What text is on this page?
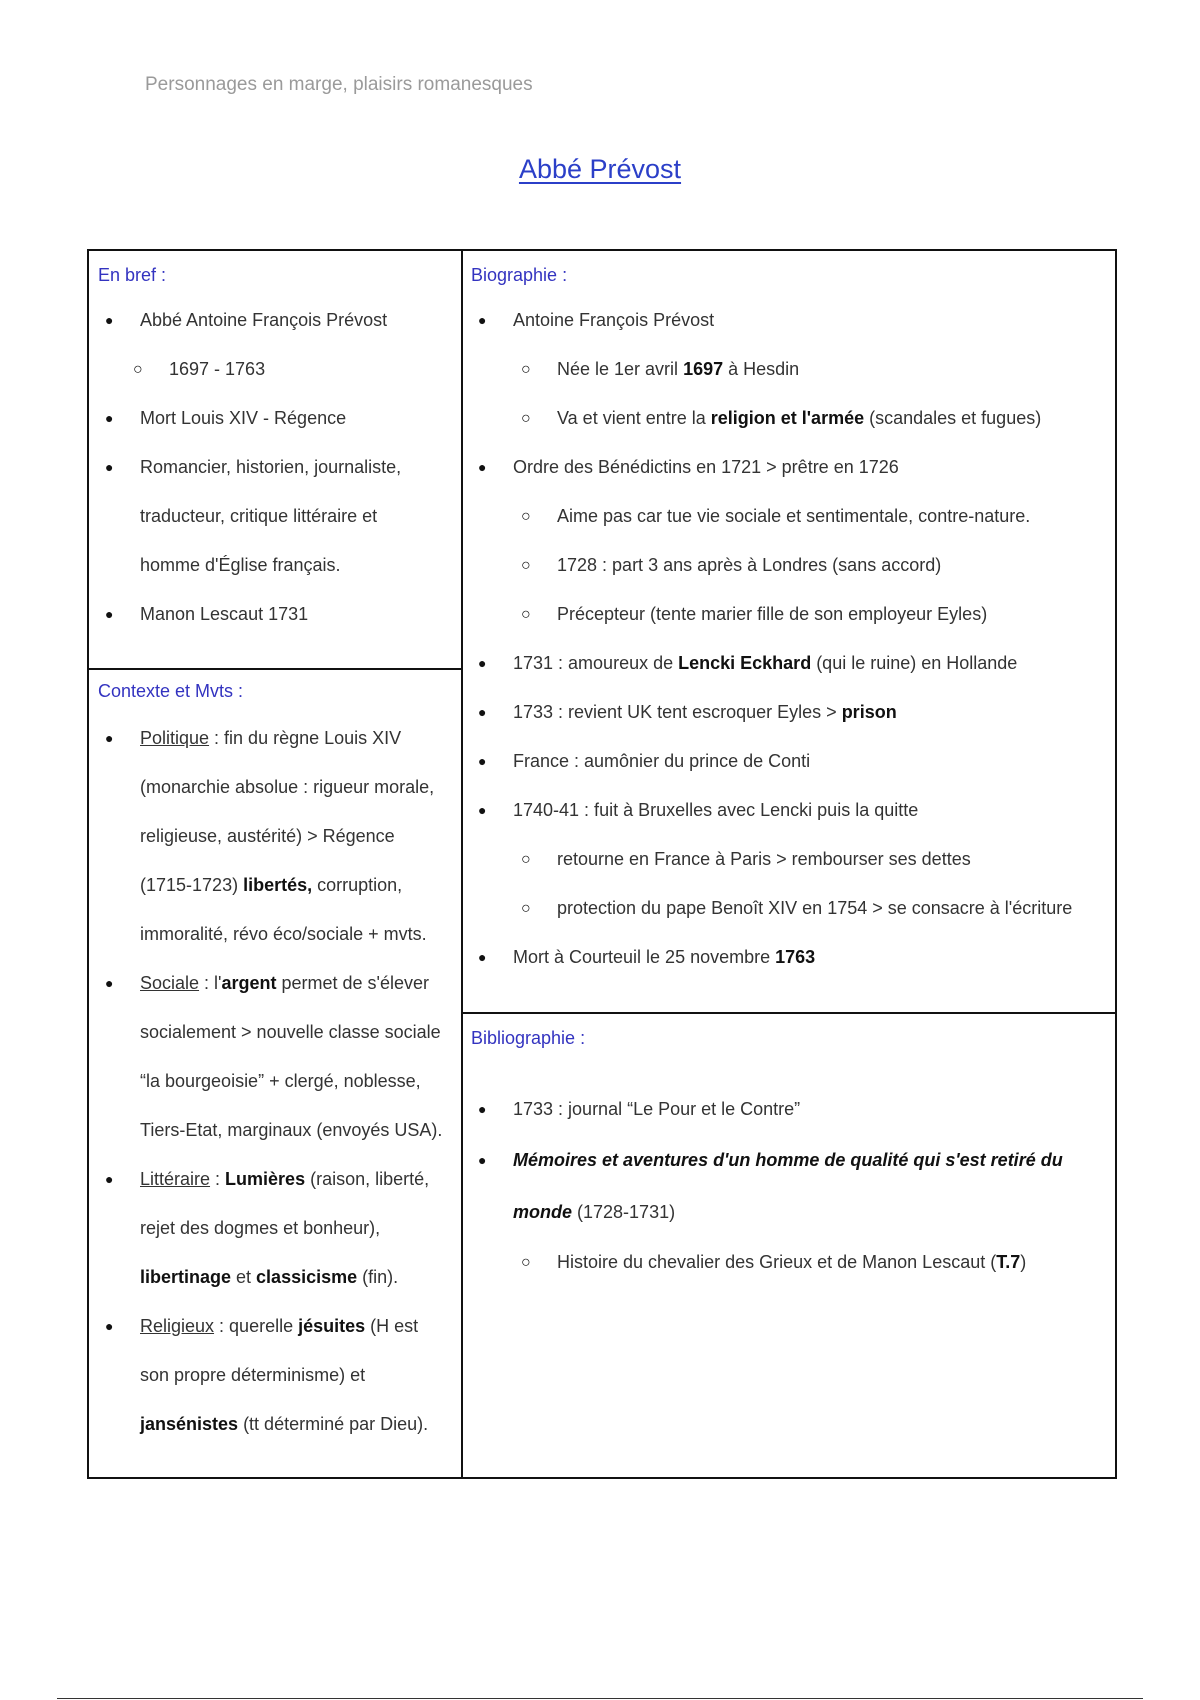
Personnages en marge, plaisirs romanesques
Abbé Prévost
En bref :
● Abbé Antoine François Prévost
○ 1697 - 1763
● Mort Louis XIV - Régence
● Romancier, historien, journaliste,
traducteur, critique littéraire et
homme d'Église français.
● Manon Lescaut 1731
Contexte et Mvts :
● Politique : fin du règne Louis XIV
(monarchie absolue : rigueur morale,
religieuse, austérité) > Régence
(1715-1723) libertés, corruption,
immoralité, révo éco/sociale + mvts.
● Sociale : l'argent permet de s'élever
socialement > nouvelle classe sociale
“la bourgeoisie” + clergé, noblesse,
Tiers-Etat, marginaux (envoyés USA).
● Littéraire : Lumières (raison, liberté,
rejet des dogmes et bonheur),
libertinage et classicisme (fin).
● Religieux : querelle jésuites (H est
son propre déterminisme) et
jansénistes (tt déterminé par Dieu).
Biographie :
● Antoine François Prévost
○ Née le 1er avril 1697 à Hesdin
○ Va et vient entre la religion et l'armée (scandales et fugues)
● Ordre des Bénédictins en 1721 > prêtre en 1726
○ Aime pas car tue vie sociale et sentimentale, contre-nature.
○ 1728 : part 3 ans après à Londres (sans accord)
○ Précepteur (tente marier fille de son employeur Eyles)
● 1731 : amoureux de Lencki Eckhard (qui le ruine) en Hollande
● 1733 : revient UK tent escroquer Eyles > prison
● France : aumônier du prince de Conti
● 1740-41 : fuit à Bruxelles avec Lencki puis la quitte
○ retourne en France à Paris > rembourser ses dettes
○ protection du pape Benoît XIV en 1754 > se consacre à l'écriture
● Mort à Courteuil le 25 novembre 1763
Bibliographie :
● 1733 : journal “Le Pour et le Contre”
● Mémoires et aventures d'un homme de qualité qui s'est retiré du
monde (1728-1731)
○ Histoire du chevalier des Grieux et de Manon Lescaut (T.7)
